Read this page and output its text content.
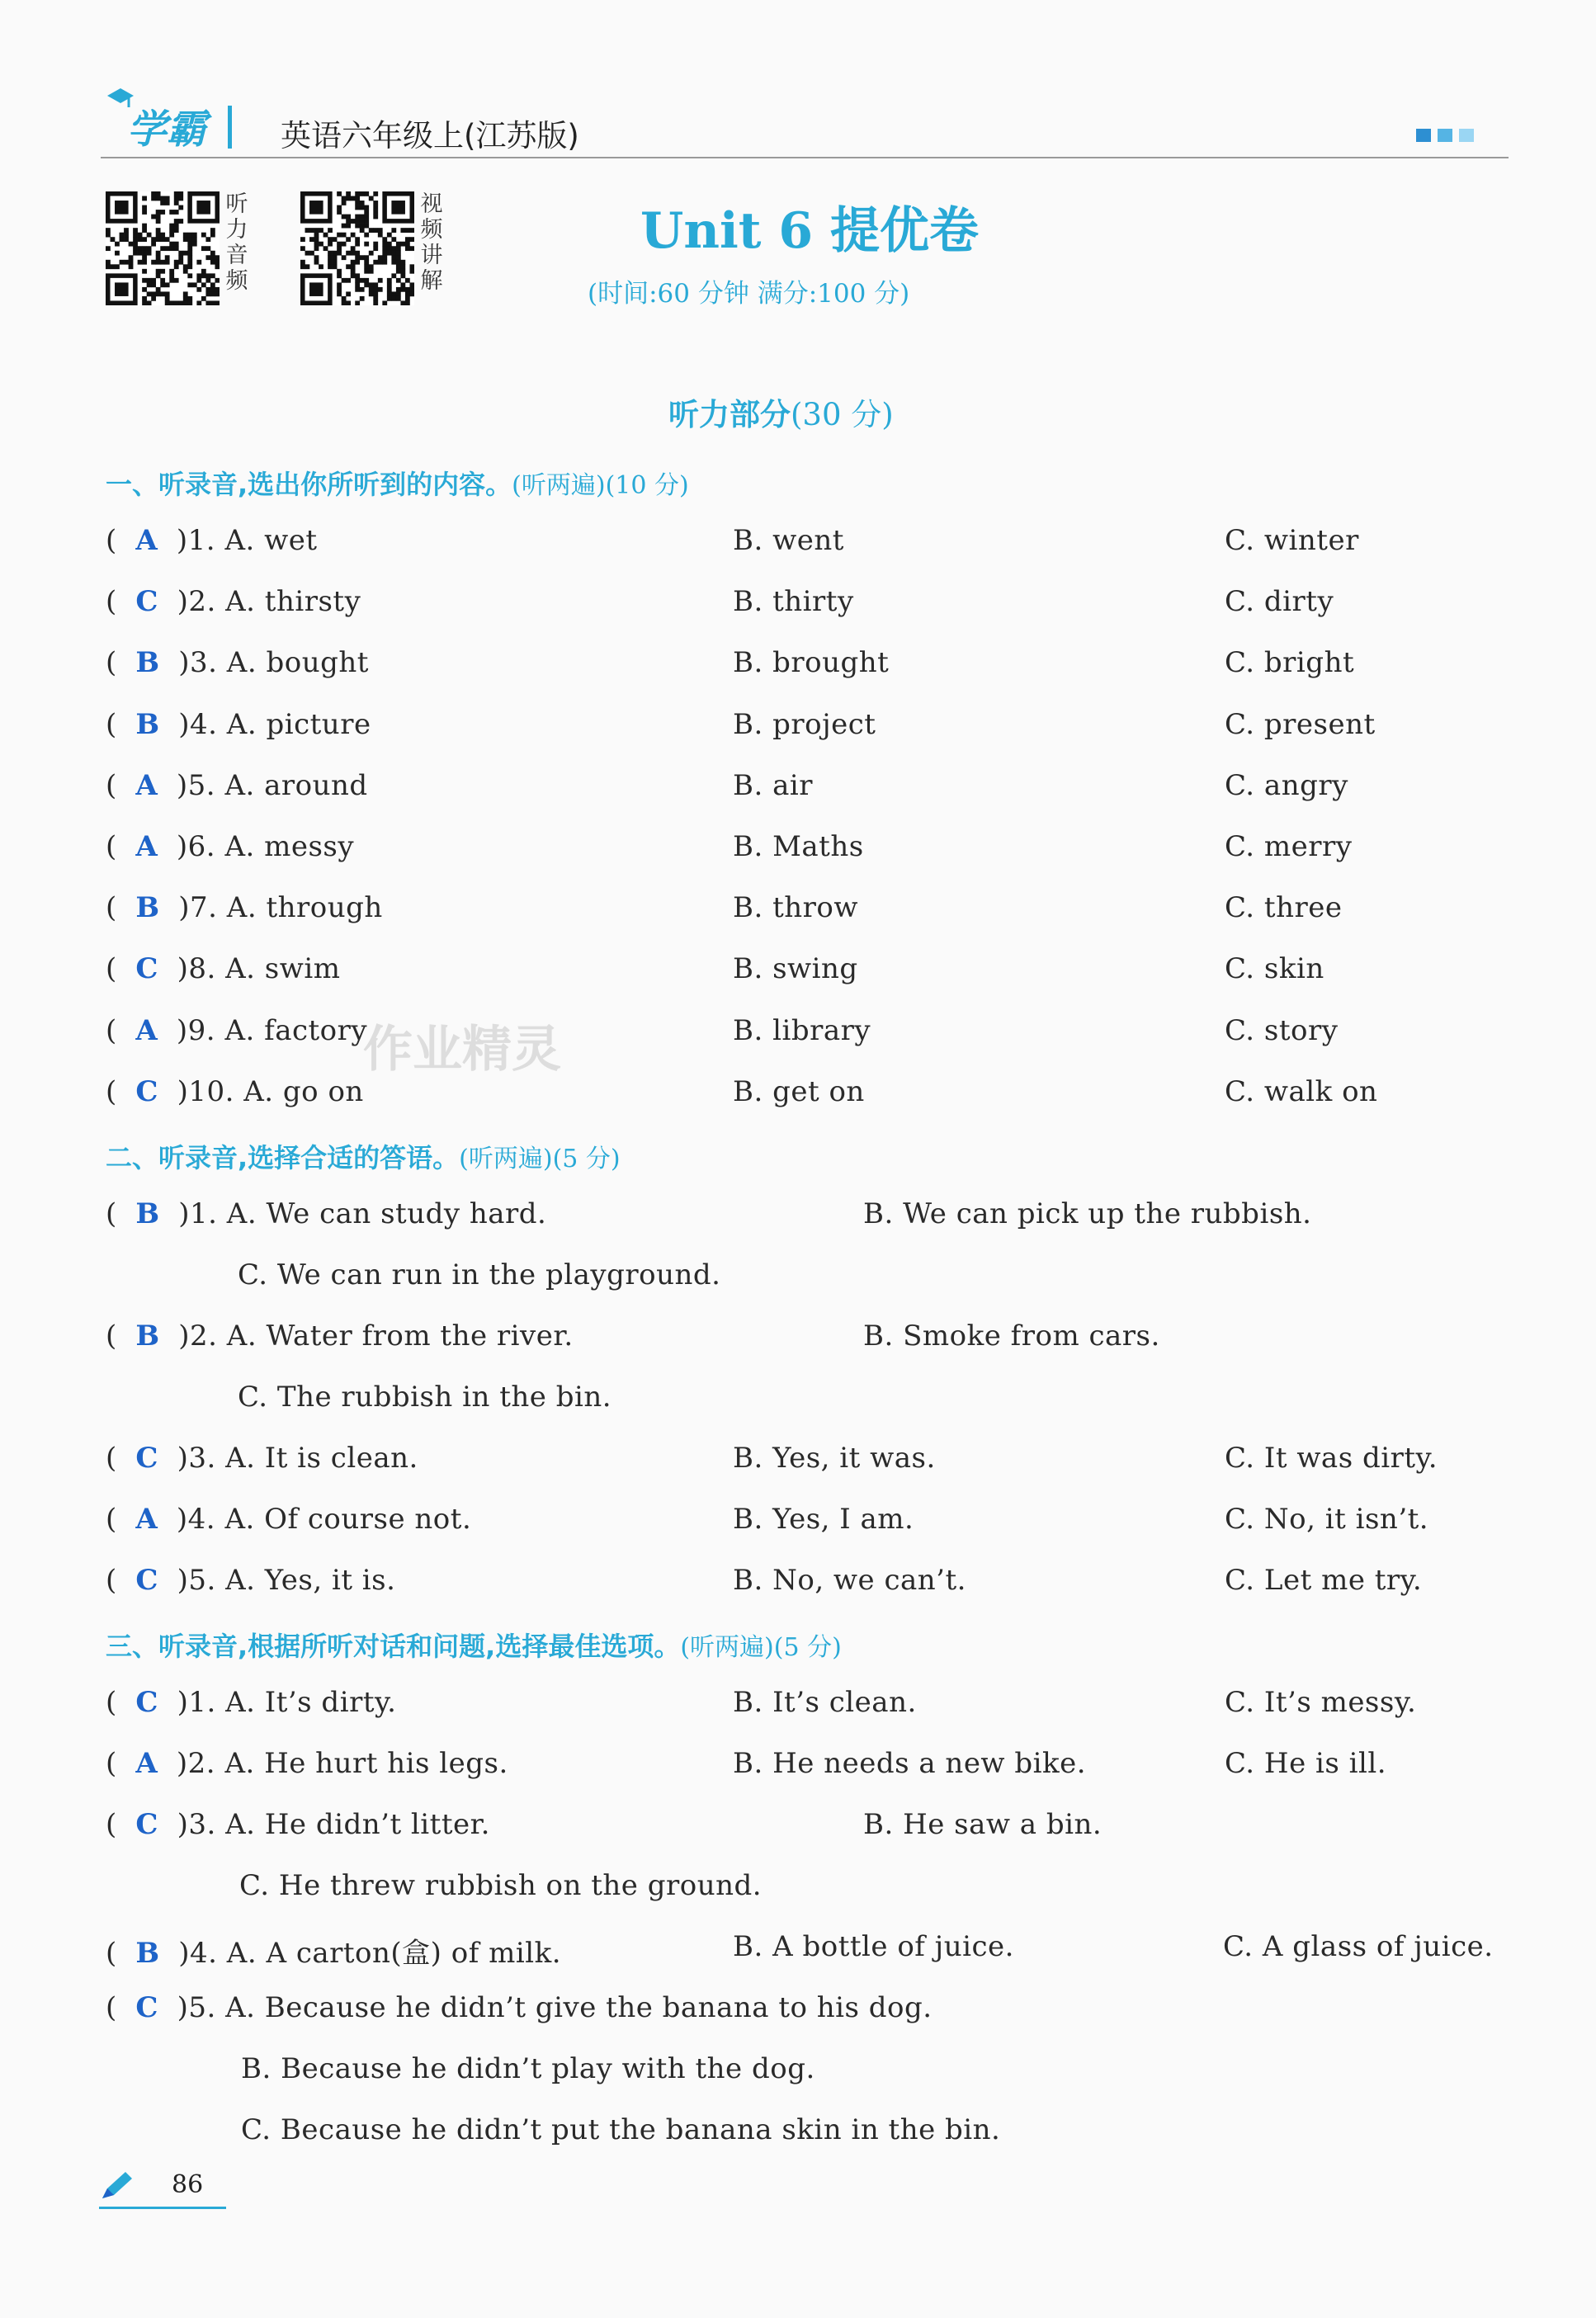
学霸 英语六年级上(江苏版)
听力音频
视频讲解
Unit 6 提优卷
(时间:60 分钟 满分:100 分)
听力部分(30 分)
一、听录音,选出你所听到的内容。(听两遍)(10 分)
(  A )1. A. wet	B. went	C. winter
(  C )2. A. thirsty	B. thirty	C. dirty
(  B )3. A. bought	B. brought	C. bright
(  B )4. A. picture	B. project	C. present
(  A )5. A. around	B. air	C. angry
(  A )6. A. messy	B. Maths	C. merry
(  B )7. A. through	B. throw	C. three
(  C )8. A. swim	B. swing	C. skin
(  A )9. A. factory	B. library	C. story
(  C )10. A. go on	B. get on	C. walk on
二、听录音,选择合适的答语。(听两遍)(5 分)
(  B )1. A. We can study hard.	B. We can pick up the rubbish.
C. We can run in the playground.
(  B )2. A. Water from the river.	B. Smoke from cars.
C. The rubbish in the bin.
(  C )3. A. It is clean.	B. Yes, it was.	C. It was dirty.
(  A )4. A. Of course not.	B. Yes, I am.	C. No, it isn’t.
(  C )5. A. Yes, it is.	B. No, we can’t.	C. Let me try.
三、听录音,根据所听对话和问题,选择最佳选项。(听两遍)(5 分)
(  C )1. A. It’s dirty.	B. It’s clean.	C. It’s messy.
(  A )2. A. He hurt his legs.	B. He needs a new bike.	C. He is ill.
(  C )3. A. He didn’t litter.	B. He saw a bin.
C. He threw rubbish on the ground.
(  B )4. A. A carton(盒) of milk.	B. A bottle of juice.	C. A glass of juice.
(  C )5. A. Because he didn’t give the banana to his dog.
B. Because he didn’t play with the dog.
C. Because he didn’t put the banana skin in the bin.
作业精灵
86
